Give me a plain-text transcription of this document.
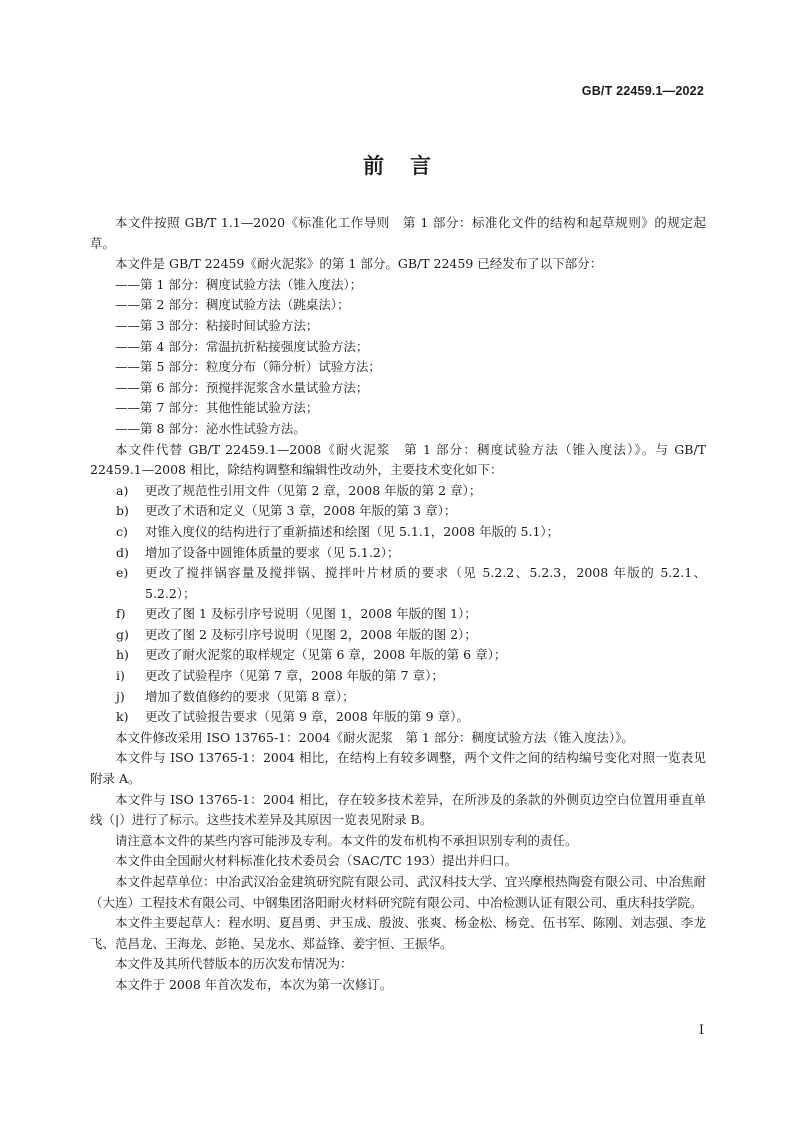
GB/T 22459.1—2022
前言

本文件按照 GB/T 1.1—2020《标准化工作导则　第 1 部分：标准化文件的结构和起草规则》的规定起草。

本文件是 GB/T 22459《耐火泥浆》的第 1 部分。GB/T 22459 已经发布了以下部分：

——第 1 部分：稠度试验方法（锥入度法）；

——第 2 部分：稠度试验方法（跳桌法）；

——第 3 部分：粘接时间试验方法；

——第 4 部分：常温抗折粘接强度试验方法；

——第 5 部分：粒度分布（筛分析）试验方法；

——第 6 部分：预搅拌泥浆含水量试验方法；

——第 7 部分：其他性能试验方法；

——第 8 部分：泌水性试验方法。

本文件代替 GB/T 22459.1—2008《耐火泥浆　第 1 部分：稠度试验方法（锥入度法）》。与 GB/T 22459.1—2008 相比，除结构调整和编辑性改动外，主要技术变化如下：

a) 更改了规范性引用文件（见第 2 章，2008 年版的第 2 章）；

b) 更改了术语和定义（见第 3 章，2008 年版的第 3 章）；

c) 对锥入度仪的结构进行了重新描述和绘图（见 5.1.1，2008 年版的 5.1）；

d) 增加了设备中圆锥体质量的要求（见 5.1.2）；

e) 更改了搅拌锅容量及搅拌锅、搅拌叶片材质的要求（见 5.2.2、5.2.3，2008 年版的 5.2.1、5.2.2）；

f) 更改了图 1 及标引序号说明（见图 1，2008 年版的图 1）；

g) 更改了图 2 及标引序号说明（见图 2，2008 年版的图 2）；

h) 更改了耐火泥浆的取样规定（见第 6 章，2008 年版的第 6 章）；

i) 更改了试验程序（见第 7 章，2008 年版的第 7 章）；

j) 增加了数值修约的要求（见第 8 章）；

k) 更改了试验报告要求（见第 9 章，2008 年版的第 9 章）。

本文件修改采用 ISO 13765-1：2004《耐火泥浆　第 1 部分：稠度试验方法（锥入度法）》。

本文件与 ISO 13765-1：2004 相比，在结构上有较多调整，两个文件之间的结构编号变化对照一览表见附录 A。

本文件与 ISO 13765-1：2004 相比，存在较多技术差异，在所涉及的条款的外侧页边空白位置用垂直单线（|）进行了标示。这些技术差异及其原因一览表见附录 B。

请注意本文件的某些内容可能涉及专利。本文件的发布机构不承担识别专利的责任。

本文件由全国耐火材料标准化技术委员会（SAC/TC 193）提出并归口。

本文件起草单位：中冶武汉冶金建筑研究院有限公司、武汉科技大学、宜兴摩根热陶瓷有限公司、中冶焦耐（大连）工程技术有限公司、中钢集团洛阳耐火材料研究院有限公司、中冶检测认证有限公司、重庆科技学院。

本文件主要起草人：程水明、夏昌勇、尹玉成、殷波、张爽、杨金松、杨竞、伍书军、陈刚、刘志强、李龙飞、范昌龙、王海龙、彭艳、吴龙水、郑益锋、姜宇恒、王振华。

本文件及其所代替版本的历次发布情况为：

本文件于 2008 年首次发布，本次为第一次修订。

I
